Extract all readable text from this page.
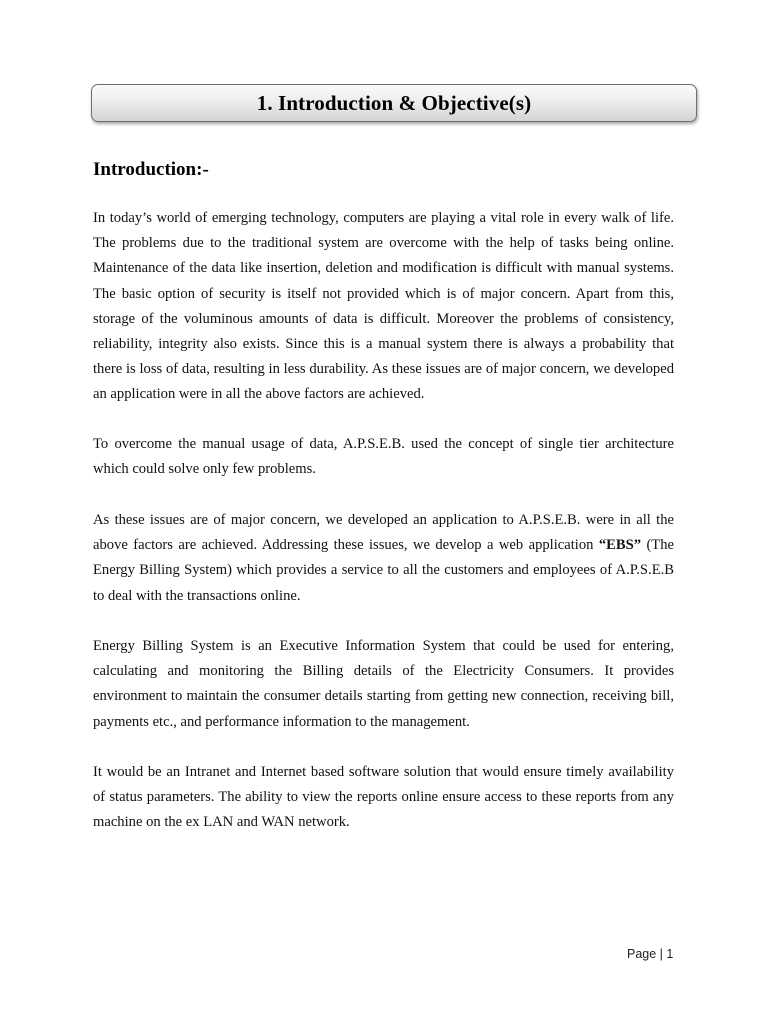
1. Introduction & Objective(s)
Introduction:-

In today’s world of emerging technology, computers are playing a vital role in every walk of life. The problems due to the traditional system are overcome with the help of tasks being online. Maintenance of the data like insertion, deletion and modification is difficult with manual systems. The basic option of security is itself not provided which is of major concern. Apart from this, storage of the voluminous amounts of data is difficult. Moreover the problems of consistency, reliability, integrity also exists. Since this is a manual system there is always a probability that there is loss of data, resulting in less durability. As these issues are of major concern, we developed an application were in all the above factors are achieved.

To overcome the manual usage of data, A.P.S.E.B. used the concept of single tier architecture which could solve only few problems.

As these issues are of major concern, we developed an application to A.P.S.E.B. were in all the above factors are achieved. Addressing these issues, we develop a web application “EBS” (The Energy Billing System) which provides a service to all the customers and employees of A.P.S.E.B to deal with the transactions online.

Energy Billing System is an Executive Information System that could be used for entering, calculating and monitoring the Billing details of the Electricity Consumers. It provides environment to maintain the consumer details starting from getting new connection, receiving bill, payments etc., and performance information to the management.

It would be an Intranet and Internet based software solution that would ensure timely availability of status parameters. The ability to view the reports online ensure access to these reports from any machine on the ex LAN and WAN network.

Page | 1
